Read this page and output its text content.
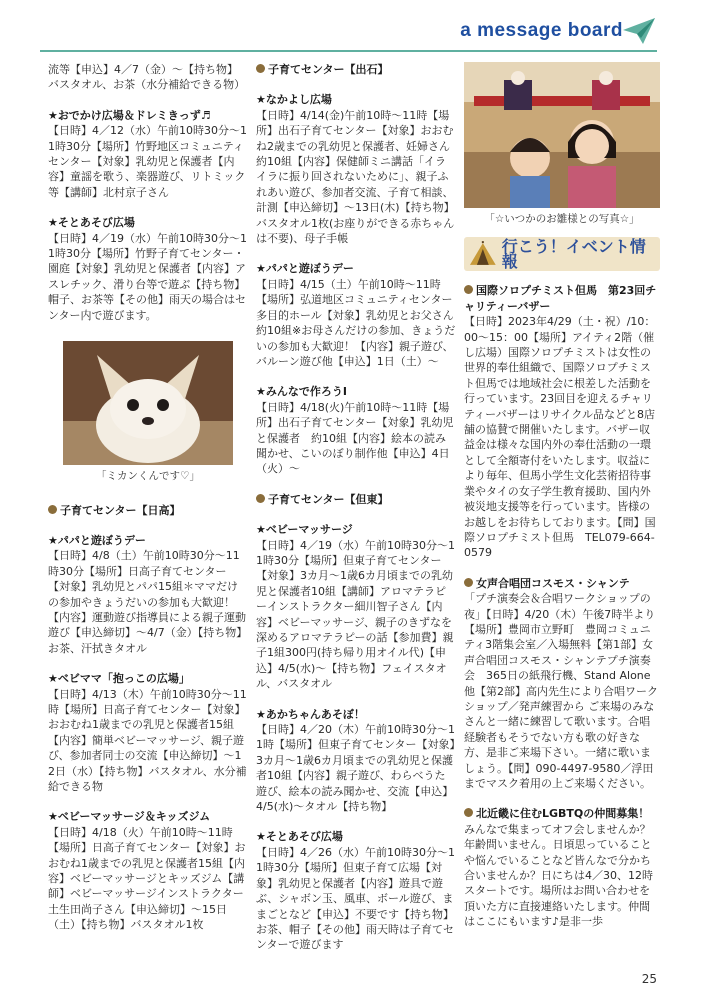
a message board

流等【申込】4／7（金）～【持ち物】バスタオル、お茶（水分補給できる物）

★おでかけ広場＆ドレミきっず♬

【日時】4／12（水）午前10時30分～11時30分【場所】竹野地区コミュニティセンター【対象】乳幼児と保護者【内容】童謡を歌う、楽器遊び、リトミック等【講師】北村京子さん

★そとあそび広場

【日時】4／19（水）午前10時30分～11時30分【場所】竹野子育てセンター・園庭【対象】乳幼児と保護者【内容】アスレチック、滑り台等で遊ぶ【持ち物】帽子、お茶等【その他】雨天の場合はセンター内で遊びます。

「ミカンくんです♡」
子育てセンター【日高】
★パパと遊ぼうデー

【日時】4/8（土）午前10時30分～11時30分【場所】日高子育てセンター【対象】乳幼児とパパ15組＊ママだけの参加やきょうだいの参加も大歓迎！【内容】運動遊び指導員による親子運動遊び【申込締切】～4/7（金）【持ち物】お茶、汗拭きタオル

★ベビママ「抱っこの広場」

【日時】4/13（木）午前10時30分～11時【場所】日高子育てセンター【対象】おおむね1歳までの乳児と保護者15組【内容】簡単ベビーマッサージ、親子遊び、参加者同士の交流【申込締切】～12日（水）【持ち物】バスタオル、水分補給できる物

★ベビーマッサージ＆キッズジム

【日時】4/18（火）午前10時～11時【場所】日高子育てセンター【対象】おおむね1歳までの乳児と保護者15組【内容】ベビーマッサージとキッズジム【講師】ベビーマッサージインストラクター土生田尚子さん【申込締切】～15日（土）【持ち物】バスタオル1枚

子育てセンター【出石】
★なかよし広場

【日時】4/14(金)午前10時～11時【場所】出石子育てセンター【対象】おおむね2歳までの乳幼児と保護者、妊婦さん約10組【内容】保健師ミニ講話「イライラに振り回されないために」、親子ふれあい遊び、参加者交流、子育て相談、計測【申込締切】～13日(木)【持ち物】バスタオル1枚(お座りができる赤ちゃんは不要)、母子手帳

★パパと遊ぼうデー

【日時】4/15（土）午前10時～11時【場所】弘道地区コミュニティセンター多目的ホール【対象】乳幼児とお父さん約10組※お母さんだけの参加、きょうだいの参加も大歓迎！【内容】親子遊び、バルーン遊び他【申込】1日（土）～

★みんなで作ろうⅠ

【日時】4/18(火)午前10時～11時【場所】出石子育てセンター【対象】乳幼児と保護者　約10組【内容】絵本の読み聞かせ、こいのぼり制作他【申込】4日（火）～

子育てセンター【但東】
★ベビーマッサージ

【日時】4／19（水）午前10時30分～11時30分【場所】但東子育てセンター【対象】3カ月～1歳6カ月頃までの乳幼児と保護者10組【講師】アロマテラピーインストラクター細川智子さん【内容】ベビーマッサージ、親子のきずなを深めるアロマテラピーの話【参加費】親子1組300円(持ち帰り用オイル代)【申込】4/5(水)～【持ち物】フェイスタオル、バスタオル

★あかちゃんあそぼ！

【日時】4／20（木）午前10時30分～11時【場所】但東子育てセンター【対象】3カ月～1歳6カ月頃までの乳幼児と保護者10組【内容】親子遊び、わらべうた遊び、絵本の読み聞かせ、交流【申込】4/5(水)～タオル【持ち物】

★そとあそび広場

【日時】4／26（水）午前10時30分～11時30分【場所】但東子育て広場【対象】乳幼児と保護者【内容】遊具で遊ぶ、シャボン玉、風車、ボール遊び、ままごとなど【申込】不要です【持ち物】お茶、帽子【その他】雨天時は子育てセンターで遊びます

「☆いつかのお雛様との写真☆」
行こう！イベント情報
国際ソロプチミスト但馬　第23回チャリティーバザー

【日時】2023年4/29（土・祝）/10：00～15：00【場所】アイティ2階（催し広場）国際ソロプチミストは女性の世界的奉仕組織で、国際ソロプチミスト但馬では地域社会に根差した活動を行っています。23回目を迎えるチャリティーバザーはリサイクル品などと8店舗の協賛で開催いたします。バザー収益金は様々な国内外の奉仕活動の一環として全額寄付をいたします。収益により毎年、但馬小学生文化芸術招待事業やタイの女子学生教育援助、国内外被災地支援等を行っています。皆様のお越しをお待ちしております。【問】国際ソロプチミスト但馬　TEL079-664-0579

女声合唱団コスモス・シャンテ

「プチ演奏会＆合唱ワークショップの夜」【日時】4/20（木）午後7時半より【場所】豊岡市立野町　豊岡コミュニティ3階集会室／入場無料【第1部】女声合唱団コスモス・シャンテプチ演奏会　365日の紙飛行機、Stand Alone他【第2部】高内先生により合唱ワークショップ／発声練習から ご来場のみなさんと一緒に練習して歌います。合唱経験者もそうでない方も歌の好きな方、是非ご来場下さい。一緒に歌いましょう。【問】090-4497-9580／浮田までマスク着用の上ご来場ください。

北近畿に住むLGBTQの仲間募集！

みんなで集まってオフ会しませんか？年齢問いません。日頃思っていることや悩んでいることなど皆んなで分かち合いませんか？日にちは4／30、12時スタートです。場所はお問い合わせを頂いた方に直接連絡いたします。仲間はここにもいます♪是非一歩

25
